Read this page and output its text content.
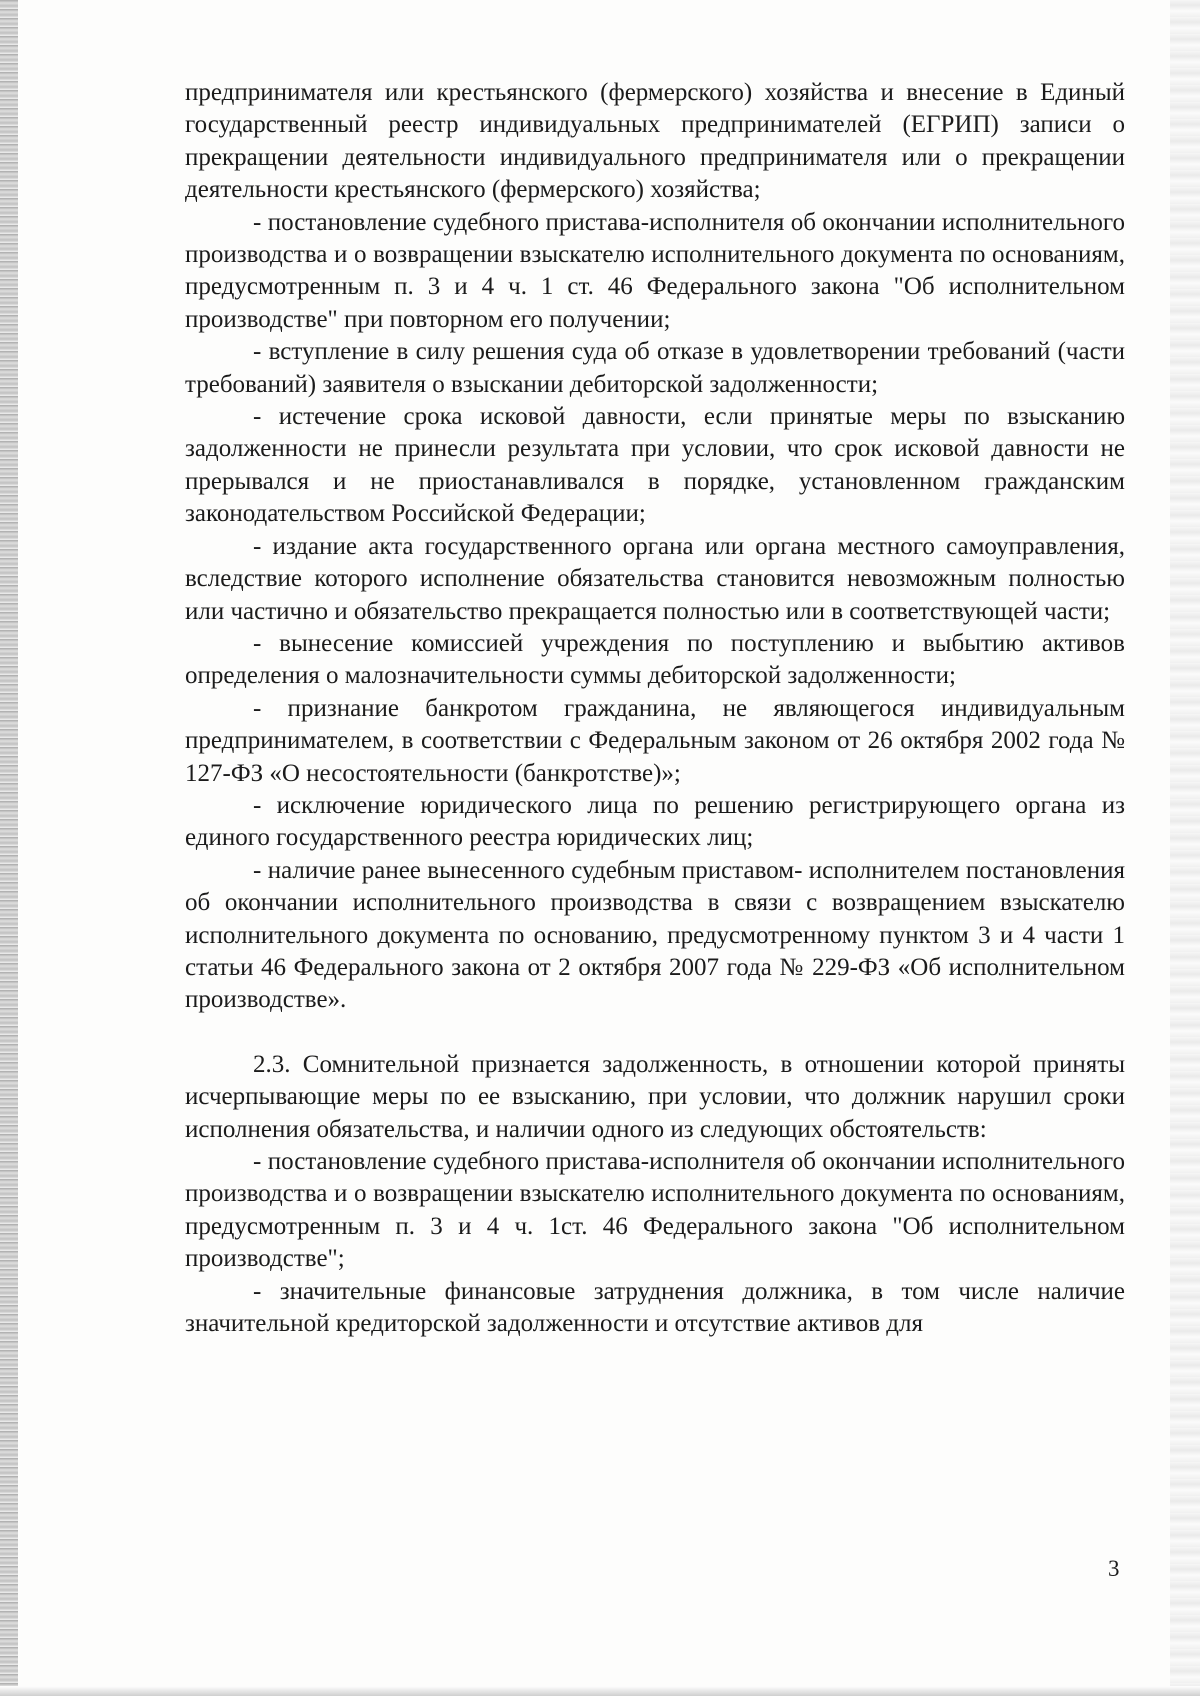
предпринимателя или крестьянского (фермерского) хозяйства и внесение в Единый государственный реестр индивидуальных предпринимателей (ЕГРИП) записи о прекращении деятельности индивидуального предпринимателя или о прекращении деятельности крестьянского (фермерского) хозяйства;

- постановление судебного пристава-исполнителя об окончании исполнительного производства и о возвращении взыскателю исполнительного документа по основаниям, предусмотренным п. 3 и 4 ч. 1 ст. 46 Федерального закона "Об исполнительном производстве" при повторном его получении;

- вступление в силу решения суда об отказе в удовлетворении требований (части требований) заявителя о взыскании дебиторской задолженности;

- истечение срока исковой давности, если принятые меры по взысканию задолженности не принесли результата при условии, что срок исковой давности не прерывался и не приостанавливался в порядке, установленном гражданским законодательством Российской Федерации;

- издание акта государственного органа или органа местного самоуправления, вследствие которого исполнение обязательства становится невозможным полностью или частично и обязательство прекращается полностью или в соответствующей части;

- вынесение комиссией учреждения по поступлению и выбытию активов определения о малозначительности суммы дебиторской задолженности;

- признание банкротом гражданина, не являющегося индивидуальным предпринимателем, в соответствии с Федеральным законом от 26 октября 2002 года № 127-ФЗ «О несостоятельности (банкротстве)»;

- исключение юридического лица по решению регистрирующего органа из единого государственного реестра юридических лиц;

- наличие ранее вынесенного судебным приставом- исполнителем постановления об окончании исполнительного производства в связи с возвращением взыскателю исполнительного документа по основанию, предусмотренному пунктом 3 и 4 части 1 статьи 46 Федерального закона от 2 октября 2007 года № 229-ФЗ «Об исполнительном производстве».

2.3. Сомнительной признается задолженность, в отношении которой приняты исчерпывающие меры по ее взысканию, при условии, что должник нарушил сроки исполнения обязательства, и наличии одного из следующих обстоятельств:

- постановление судебного пристава-исполнителя об окончании исполнительного производства и о возвращении взыскателю исполнительного документа по основаниям, предусмотренным п. 3 и 4 ч. 1ст. 46 Федерального закона "Об исполнительном производстве";

- значительные финансовые затруднения должника, в том числе наличие значительной кредиторской задолженности и отсутствие активов для

3
